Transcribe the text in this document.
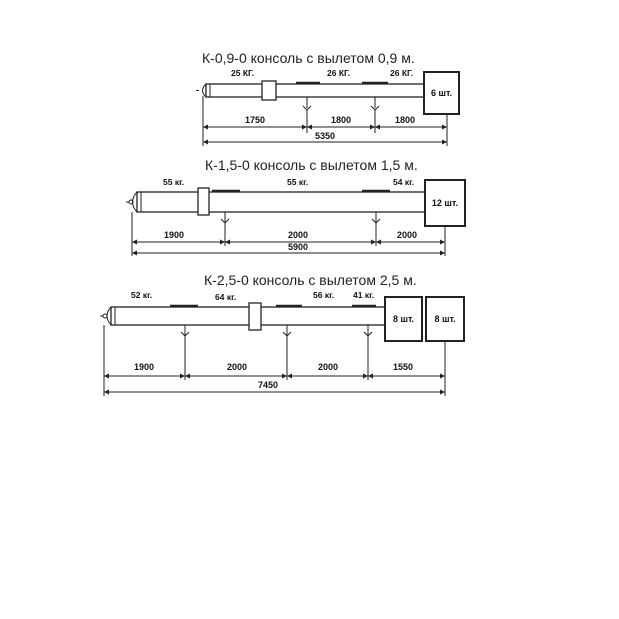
К-0,9-0 консоль с вылетом 0,9 м.
25 КГ.	26 КГ.	26 КГ.
6 шт.
1750	1800	1800
5350
К-1,5-0 консоль с вылетом 1,5 м.
55 кг.	55 кг.	54 кг.
12 шт.
1900	2000	2000
5900
К-2,5-0 консоль с вылетом 2,5 м.
52 кг.	64 кг.	56 кг. 41 кг.
8 шт. 8 шт.
1900	2000	2000	1550
7450
